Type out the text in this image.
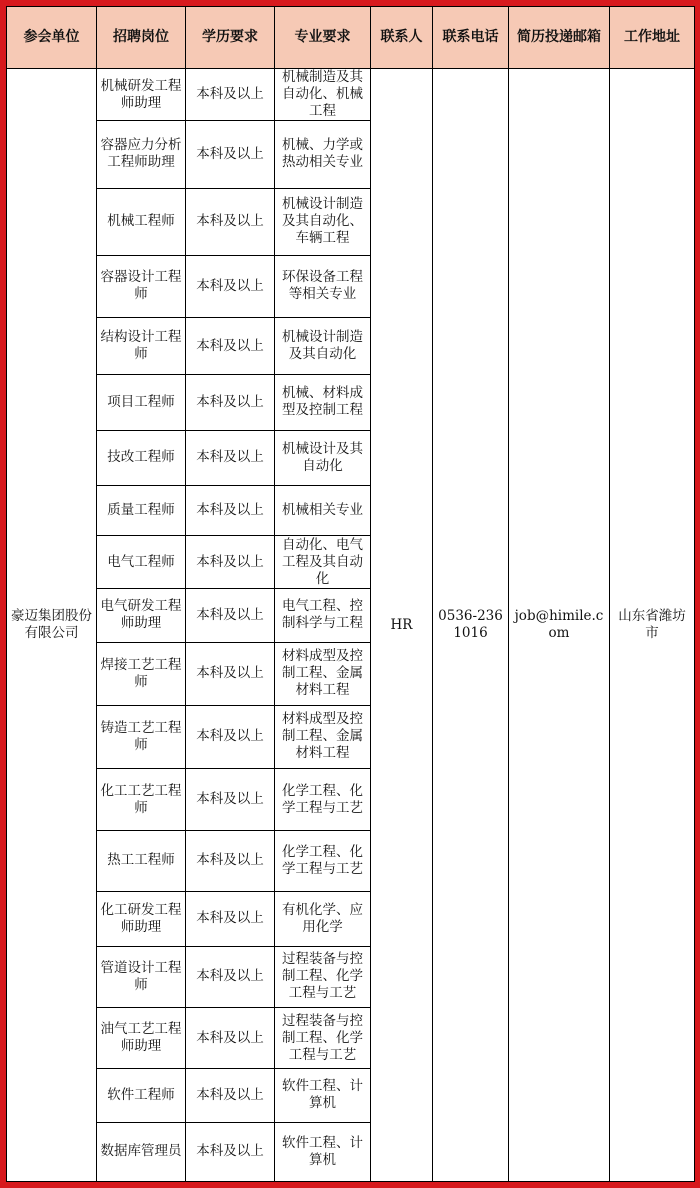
参会单位	招聘岗位	学历要求	专业要求	联系人	联系电话	简历投递邮箱	工作地址
豪迈集团股份有限公司	机械研发工程师助理	本科及以上	机械制造及其自动化、机械工程	HR	0536-2361016	job@himile.com	山东省潍坊市
	容器应力分析工程师助理	本科及以上	机械、力学或热动相关专业				
	机械工程师	本科及以上	机械设计制造及其自动化、车辆工程				
	容器设计工程师	本科及以上	环保设备工程等相关专业				
	结构设计工程师	本科及以上	机械设计制造及其自动化				
	项目工程师	本科及以上	机械、材料成型及控制工程				
	技改工程师	本科及以上	机械设计及其自动化				
	质量工程师	本科及以上	机械相关专业				
	电气工程师	本科及以上	自动化、电气工程及其自动化				
	电气研发工程师助理	本科及以上	电气工程、控制科学与工程				
	焊接工艺工程师	本科及以上	材料成型及控制工程、金属材料工程				
	铸造工艺工程师	本科及以上	材料成型及控制工程、金属材料工程				
	化工工艺工程师	本科及以上	化学工程、化学工程与工艺				
	热工工程师	本科及以上	化学工程、化学工程与工艺				
	化工研发工程师助理	本科及以上	有机化学、应用化学				
	管道设计工程师	本科及以上	过程装备与控制工程、化学工程与工艺				
	油气工艺工程师助理	本科及以上	过程装备与控制工程、化学工程与工艺				
	软件工程师	本科及以上	软件工程、计算机				
	数据库管理员	本科及以上	软件工程、计算机				
